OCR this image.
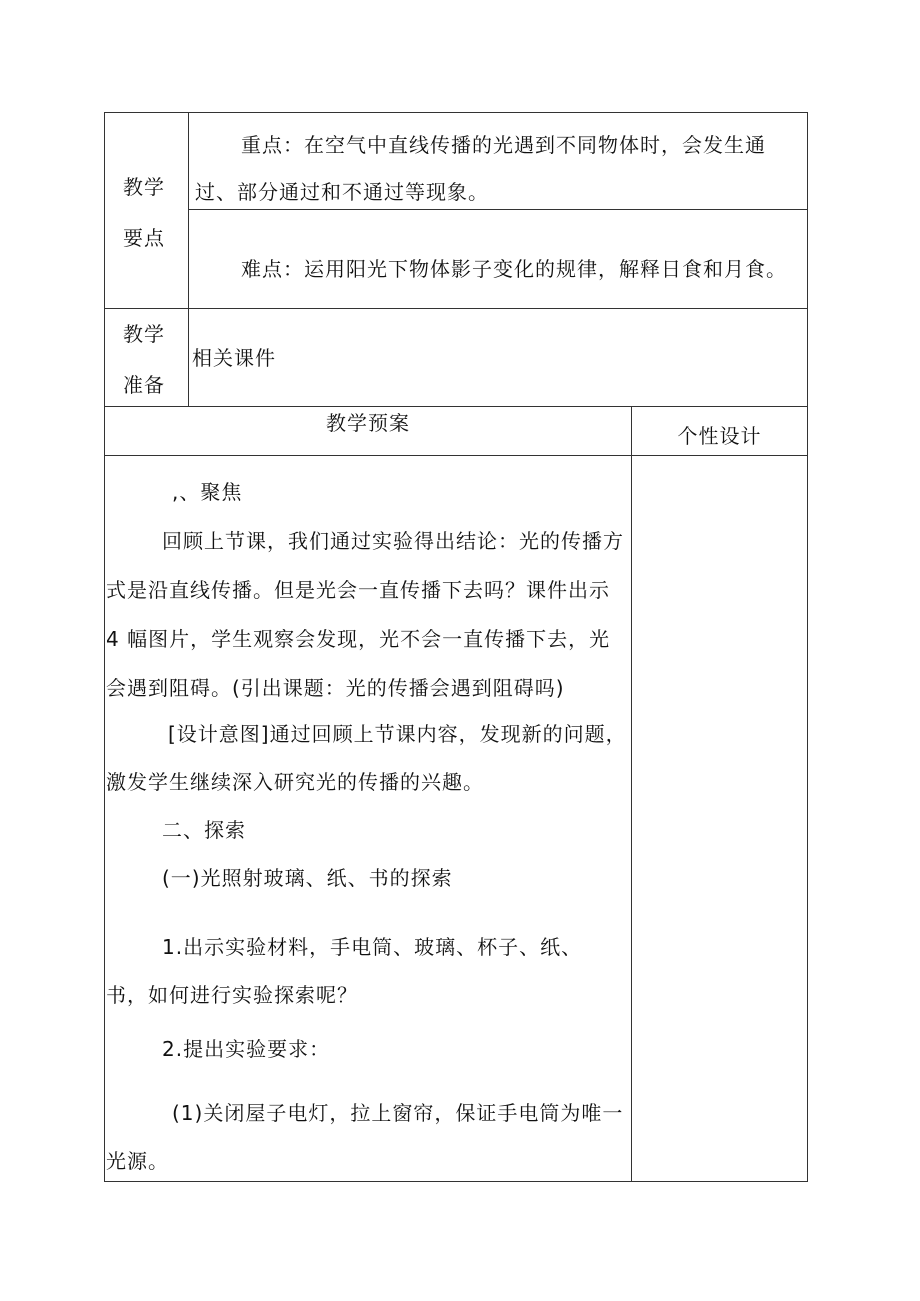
教学
要点
重点：在空气中直线传播的光遇到不同物体时，会发生通
过、部分通过和不通过等现象。
难点：运用阳光下物体影子变化的规律，解释日食和月食。
教学
准备
相关课件
教学预案
个性设计
,、聚焦
回顾上节课，我们通过实验得出结论：光的传播方
式是沿直线传播。但是光会一直传播下去吗？课件出示
4 幅图片，学生观察会发现，光不会一直传播下去，光
会遇到阻碍。(引出课题：光的传播会遇到阻碍吗)
[设计意图]通过回顾上节课内容，发现新的问题，
激发学生继续深入研究光的传播的兴趣。
二、探索
(一)光照射玻璃、纸、书的探索
1.出示实验材料，手电筒、玻璃、杯子、纸、
书，如何进行实验探索呢？
2.提出实验要求：
(1)关闭屋子电灯，拉上窗帘，保证手电筒为唯一
光源。
